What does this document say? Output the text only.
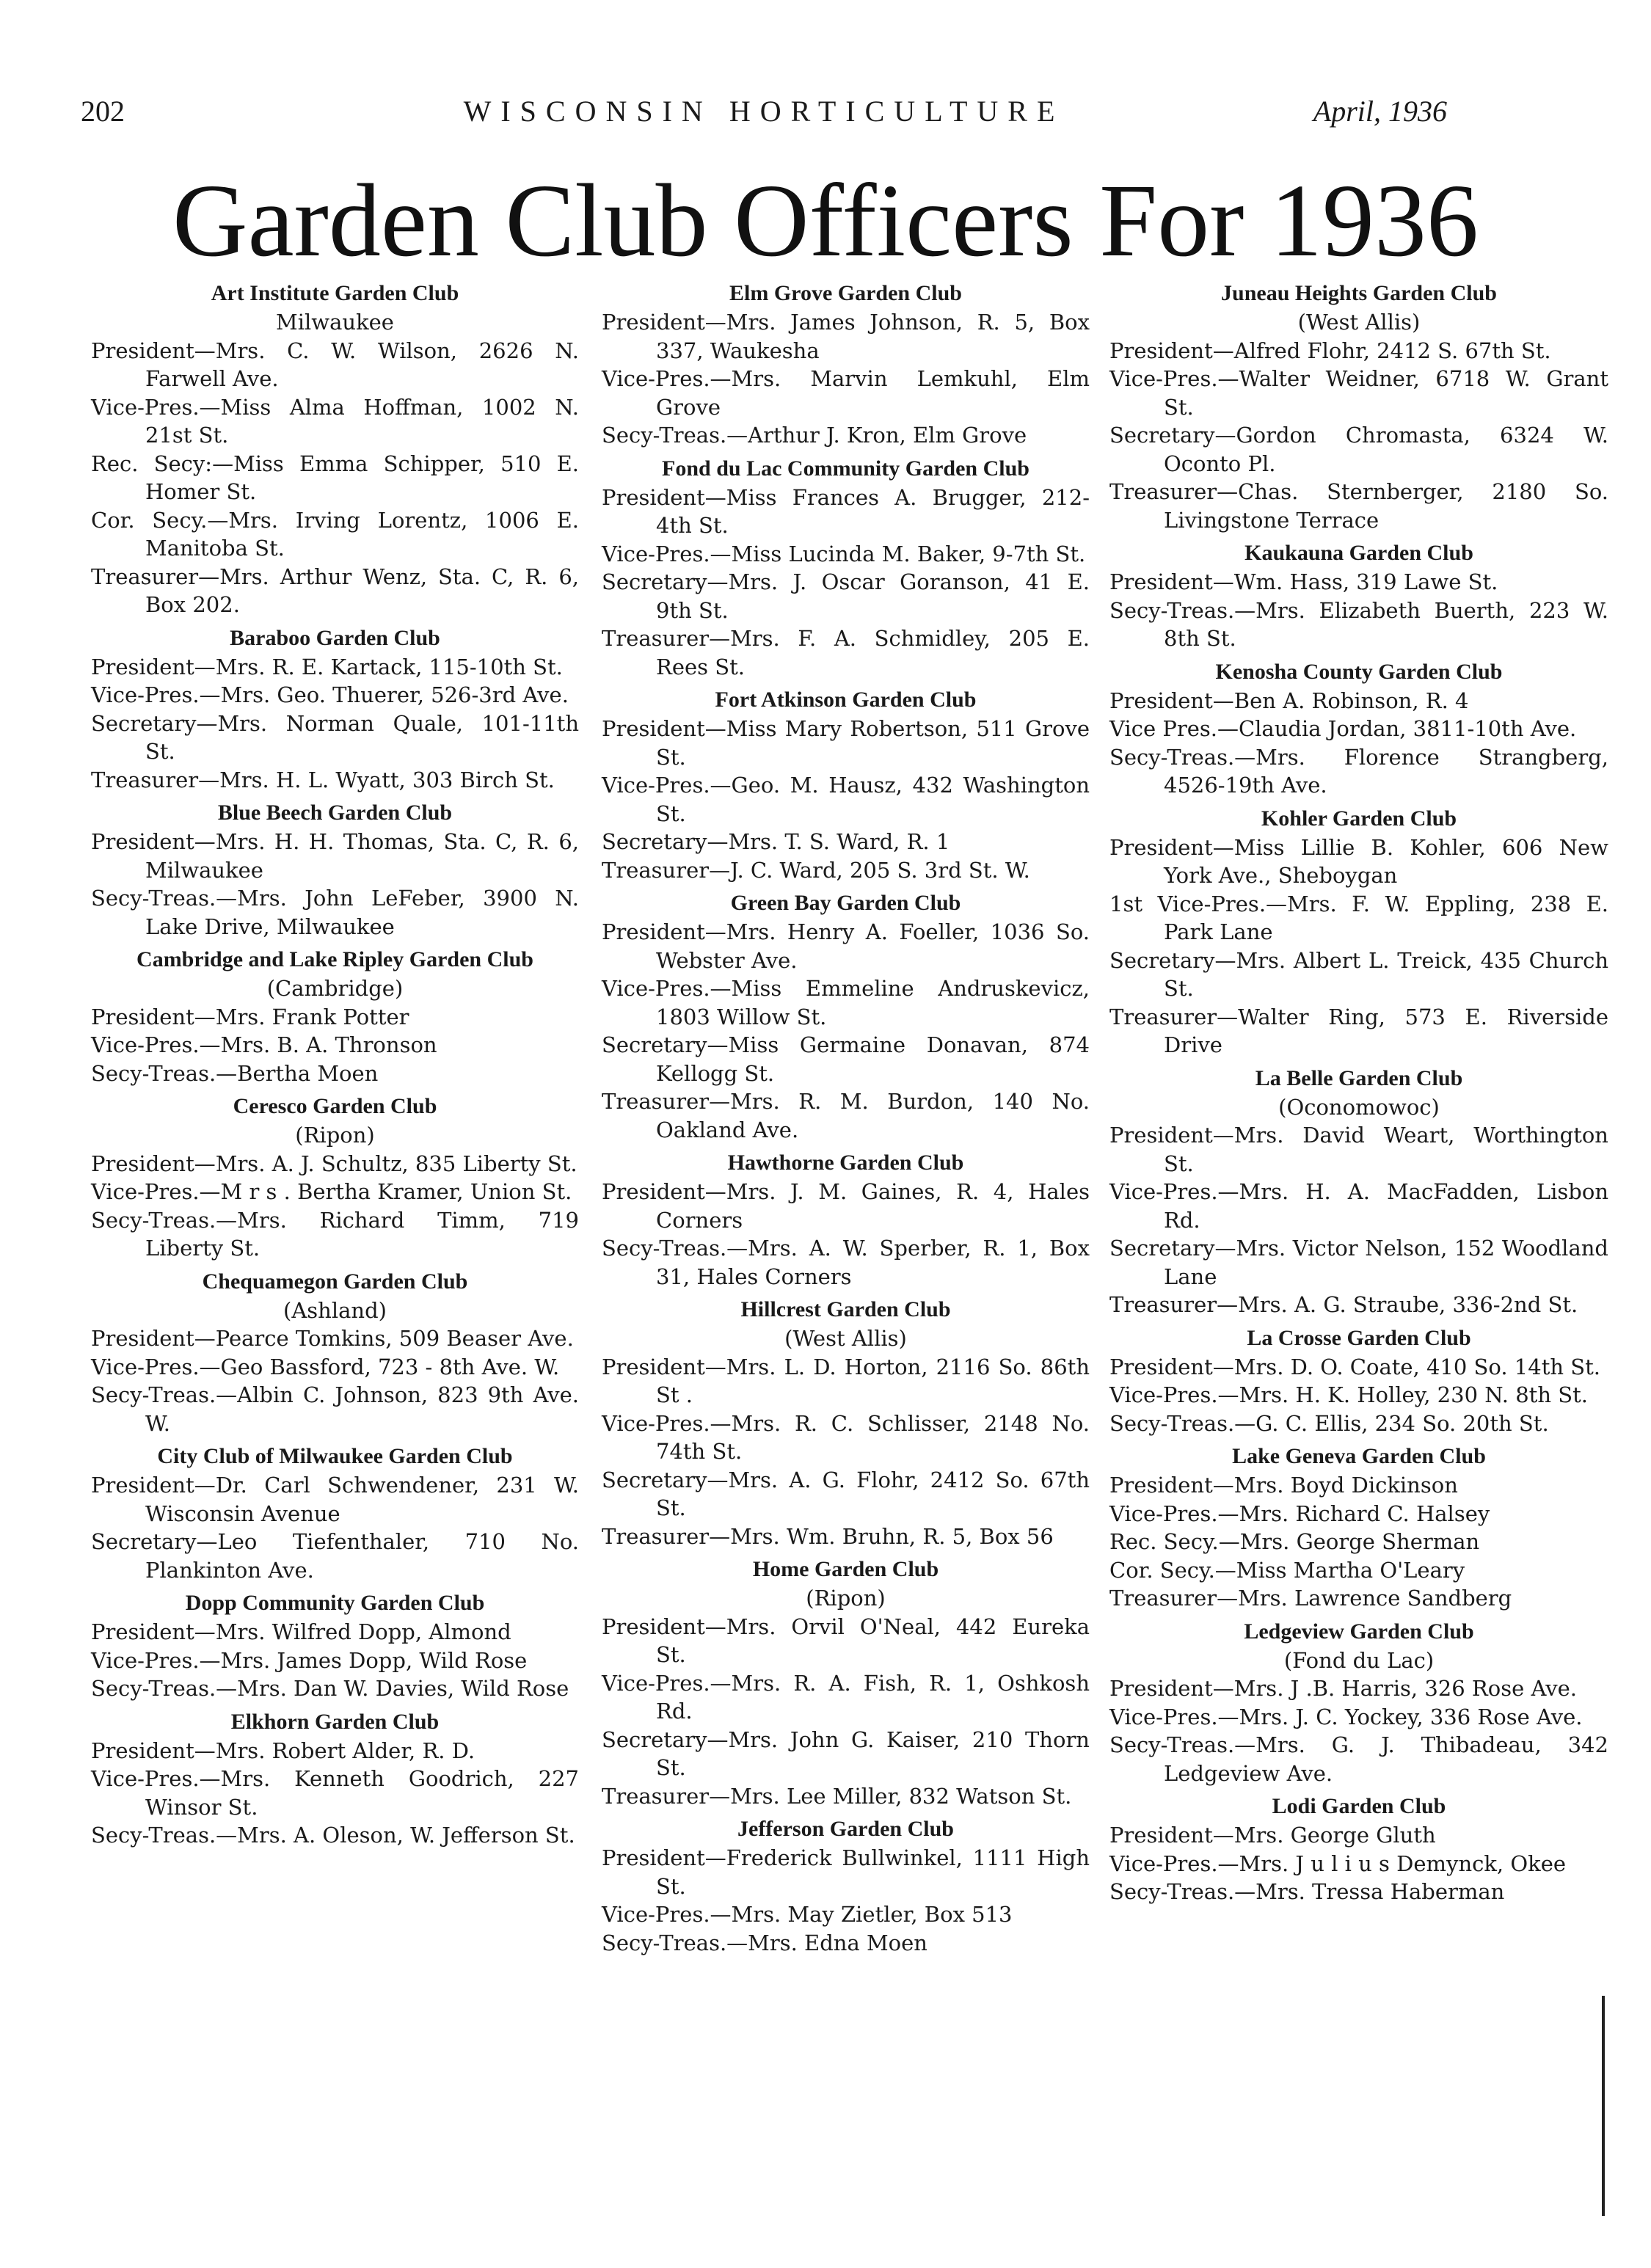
202	WISCONSIN HORTICULTURE	April, 1936
Garden Club Officers For 1936
Art Institute Garden Club
Milwaukee
President—Mrs. C. W. Wilson, 2626 N. Farwell Ave.
Vice-Pres.—Miss Alma Hoffman, 1002 N. 21st St.
Rec. Secy:—Miss Emma Schipper, 510 E. Homer St.
Cor. Secy.—Mrs. Irving Lorentz, 1006 E. Manitoba St.
Treasurer—Mrs. Arthur Wenz, Sta. C, R. 6, Box 202.
Baraboo Garden Club
President—Mrs. R. E. Kartack, 115-10th St.
Vice-Pres.—Mrs. Geo. Thuerer, 526-3rd Ave.
Secretary—Mrs. Norman Quale, 101-11th St.
Treasurer—Mrs. H. L. Wyatt, 303 Birch St.
Blue Beech Garden Club
President—Mrs. H. H. Thomas, Sta. C, R. 6, Milwaukee
Secy-Treas.—Mrs. John LeFeber, 3900 N. Lake Drive, Milwaukee
Cambridge and Lake Ripley Garden Club
(Cambridge)
President—Mrs. Frank Potter
Vice-Pres.—Mrs. B. A. Thronson
Secy-Treas.—Bertha Moen
Ceresco Garden Club
(Ripon)
President—Mrs. A. J. Schultz, 835 Liberty St.
Vice-Pres.—M r s . Bertha Kramer, Union St.
Secy-Treas.—Mrs. Richard Timm, 719 Liberty St.
Chequamegon Garden Club
(Ashland)
President—Pearce Tomkins, 509 Beaser Ave.
Vice-Pres.—Geo Bassford, 723 - 8th Ave. W.
Secy-Treas.—Albin C. Johnson, 823 9th Ave. W.
City Club of Milwaukee Garden Club
President—Dr. Carl Schwendener, 231 W. Wisconsin Avenue
Secretary—Leo Tiefenthaler, 710 No. Plankinton Ave.
Dopp Community Garden Club
President—Mrs. Wilfred Dopp, Almond
Vice-Pres.—Mrs. James Dopp, Wild Rose
Secy-Treas.—Mrs. Dan W. Davies, Wild Rose
Elkhorn Garden Club
President—Mrs. Robert Alder, R. D.
Vice-Pres.—Mrs. Kenneth Goodrich, 227 Winsor St.
Secy-Treas.—Mrs. A. Oleson, W. Jefferson St.
Elm Grove Garden Club
President—Mrs. James Johnson, R. 5, Box 337, Waukesha
Vice-Pres.—Mrs. Marvin Lemkuhl, Elm Grove
Secy-Treas.—Arthur J. Kron, Elm Grove
Fond du Lac Community Garden Club
President—Miss Frances A. Brugger, 212-4th St.
Vice-Pres.—Miss Lucinda M. Baker, 9-7th St.
Secretary—Mrs. J. Oscar Goranson, 41 E. 9th St.
Treasurer—Mrs. F. A. Schmidley, 205 E. Rees St.
Fort Atkinson Garden Club
President—Miss Mary Robertson, 511 Grove St.
Vice-Pres.—Geo. M. Hausz, 432 Washington St.
Secretary—Mrs. T. S. Ward, R. 1
Treasurer—J. C. Ward, 205 S. 3rd St. W.
Green Bay Garden Club
President—Mrs. Henry A. Foeller, 1036 So. Webster Ave.
Vice-Pres.—Miss Emmeline Andruskevicz, 1803 Willow St.
Secretary—Miss Germaine Donavan, 874 Kellogg St.
Treasurer—Mrs. R. M. Burdon, 140 No. Oakland Ave.
Hawthorne Garden Club
President—Mrs. J. M. Gaines, R. 4, Hales Corners
Secy-Treas.—Mrs. A. W. Sperber, R. 1, Box 31, Hales Corners
Hillcrest Garden Club
(West Allis)
President—Mrs. L. D. Horton, 2116 So. 86th St .
Vice-Pres.—Mrs. R. C. Schlisser, 2148 No. 74th St.
Secretary—Mrs. A. G. Flohr, 2412 So. 67th St.
Treasurer—Mrs. Wm. Bruhn, R. 5, Box 56
Home Garden Club
(Ripon)
President—Mrs. Orvil O'Neal, 442 Eureka St.
Vice-Pres.—Mrs. R. A. Fish, R. 1, Oshkosh Rd.
Secretary—Mrs. John G. Kaiser, 210 Thorn St.
Treasurer—Mrs. Lee Miller, 832 Watson St.
Jefferson Garden Club
President—Frederick Bullwinkel, 1111 High St.
Vice-Pres.—Mrs. May Zietler, Box 513
Secy-Treas.—Mrs. Edna Moen
Juneau Heights Garden Club
(West Allis)
President—Alfred Flohr, 2412 S. 67th St.
Vice-Pres.—Walter Weidner, 6718 W. Grant St.
Secretary—Gordon Chromasta, 6324 W. Oconto Pl.
Treasurer—Chas. Sternberger, 2180 So. Livingstone Terrace
Kaukauna Garden Club
President—Wm. Hass, 319 Lawe St.
Secy-Treas.—Mrs. Elizabeth Buerth, 223 W. 8th St.
Kenosha County Garden Club
President—Ben A. Robinson, R. 4
Vice Pres.—Claudia Jordan, 3811-10th Ave.
Secy-Treas.—Mrs. Florence Strangberg, 4526-19th Ave.
Kohler Garden Club
President—Miss Lillie B. Kohler, 606 New York Ave., Sheboygan
1st Vice-Pres.—Mrs. F. W. Eppling, 238 E. Park Lane
Secretary—Mrs. Albert L. Treick, 435 Church St.
Treasurer—Walter Ring, 573 E. Riverside Drive
La Belle Garden Club
(Oconomowoc)
President—Mrs. David Weart, Worthington St.
Vice-Pres.—Mrs. H. A. MacFadden, Lisbon Rd.
Secretary—Mrs. Victor Nelson, 152 Woodland Lane
Treasurer—Mrs. A. G. Straube, 336-2nd St.
La Crosse Garden Club
President—Mrs. D. O. Coate, 410 So. 14th St.
Vice-Pres.—Mrs. H. K. Holley, 230 N. 8th St.
Secy-Treas.—G. C. Ellis, 234 So. 20th St.
Lake Geneva Garden Club
President—Mrs. Boyd Dickinson
Vice-Pres.—Mrs. Richard C. Halsey
Rec. Secy.—Mrs. George Sherman
Cor. Secy.—Miss Martha O'Leary
Treasurer—Mrs. Lawrence Sandberg
Ledgeview Garden Club
(Fond du Lac)
President—Mrs. J .B. Harris, 326 Rose Ave.
Vice-Pres.—Mrs. J. C. Yockey, 336 Rose Ave.
Secy-Treas.—Mrs. G. J. Thibadeau, 342 Ledgeview Ave.
Lodi Garden Club
President—Mrs. George Gluth
Vice-Pres.—Mrs. J u l i u s Demynck, Okee
Secy-Treas.—Mrs. Tressa Haberman
